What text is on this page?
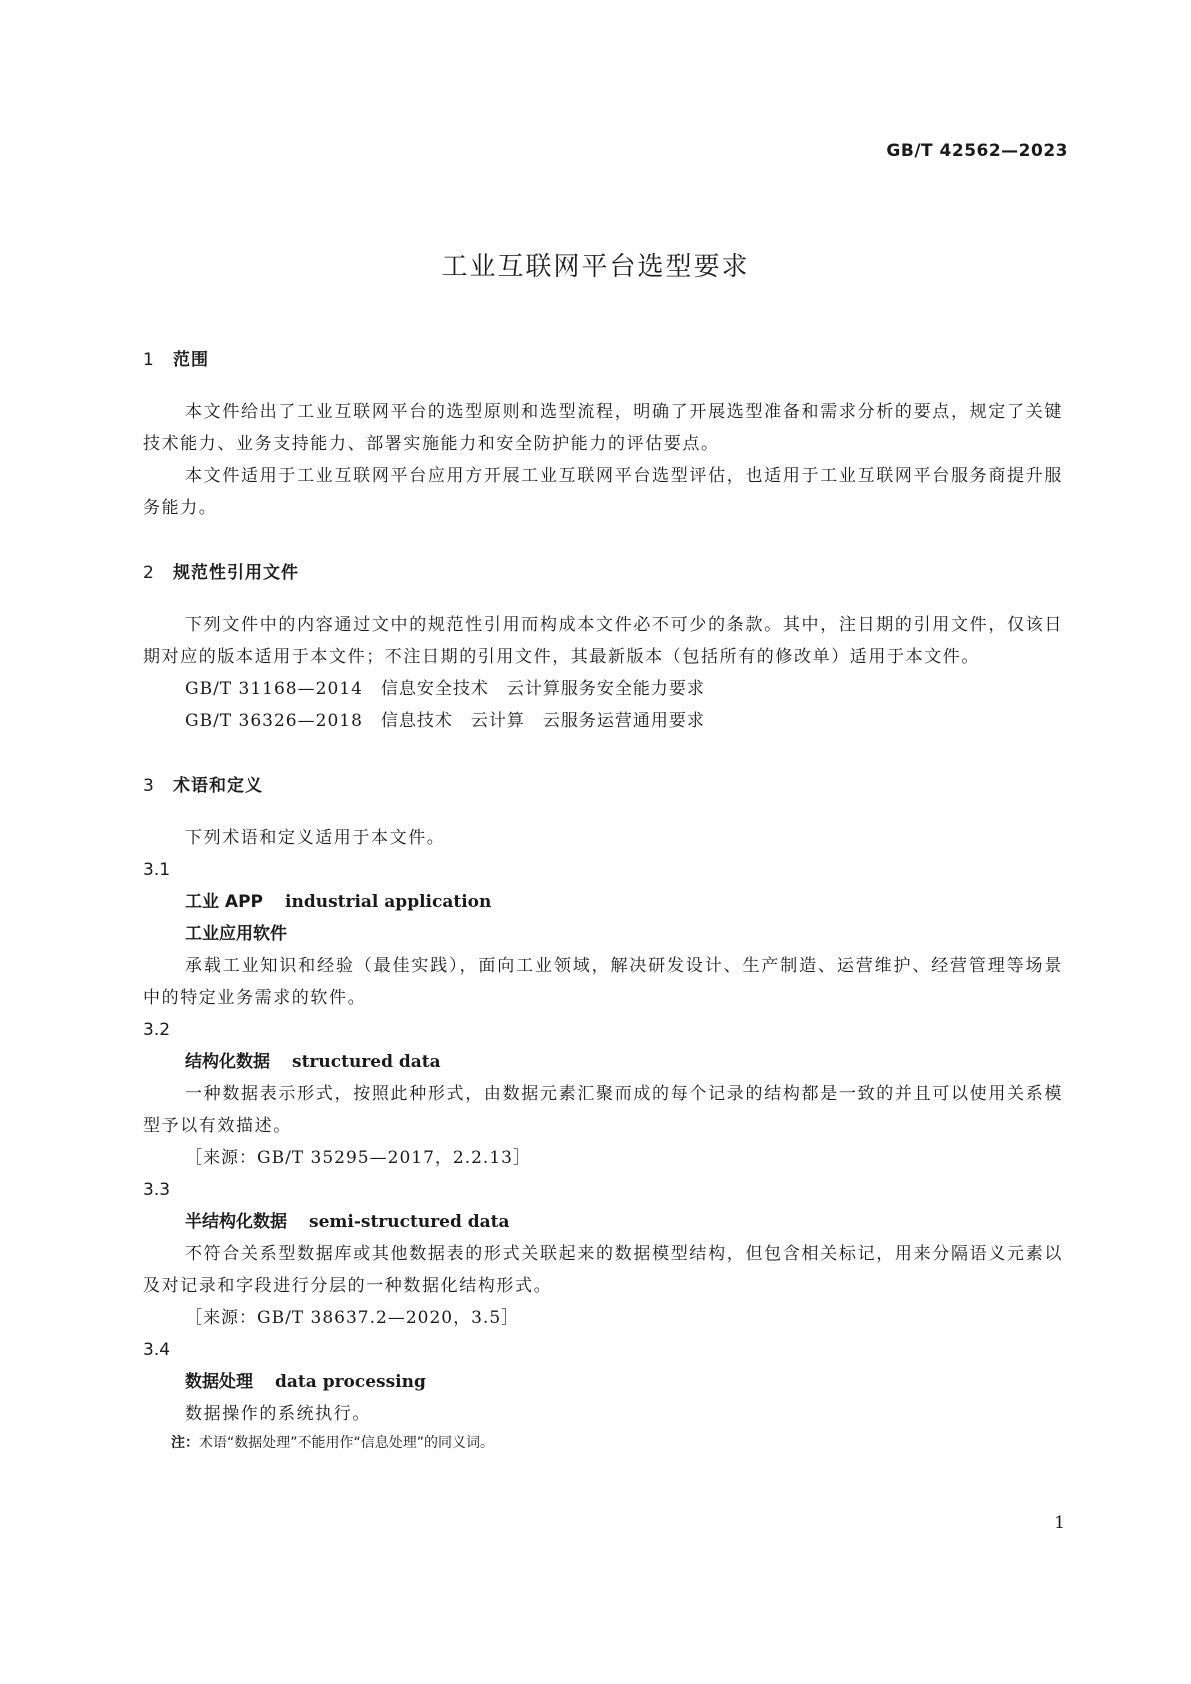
GB/T 42562—2023
工业互联网平台选型要求
1 范围

本文件给出了工业互联网平台的选型原则和选型流程，明确了开展选型准备和需求分析的要点，规定了关键技术能力、业务支持能力、部署实施能力和安全防护能力的评估要点。

本文件适用于工业互联网平台应用方开展工业互联网平台选型评估，也适用于工业互联网平台服务商提升服务能力。

2 规范性引用文件

下列文件中的内容通过文中的规范性引用而构成本文件必不可少的条款。其中，注日期的引用文件，仅该日期对应的版本适用于本文件；不注日期的引用文件，其最新版本（包括所有的修改单）适用于本文件。

GB/T 31168—2014　信息安全技术　云计算服务安全能力要求
GB/T 36326—2018　信息技术　云计算　云服务运营通用要求
3 术语和定义

下列术语和定义适用于本文件。

3.1
工业 APP industrial application
工业应用软件

承载工业知识和经验（最佳实践），面向工业领域，解决研发设计、生产制造、运营维护、经营管理等场景中的特定业务需求的软件。

3.2
结构化数据 structured data

一种数据表示形式，按照此种形式，由数据元素汇聚而成的每个记录的结构都是一致的并且可以使用关系模型予以有效描述。

［来源：GB/T 35295—2017，2.2.13］
3.3
半结构化数据 semi-structured data

不符合关系型数据库或其他数据表的形式关联起来的数据模型结构，但包含相关标记，用来分隔语义元素以及对记录和字段进行分层的一种数据化结构形式。

［来源：GB/T 38637.2—2020，3.5］
3.4
数据处理 data processing

数据操作的系统执行。

注：术语“数据处理”不能用作“信息处理”的同义词。
1
